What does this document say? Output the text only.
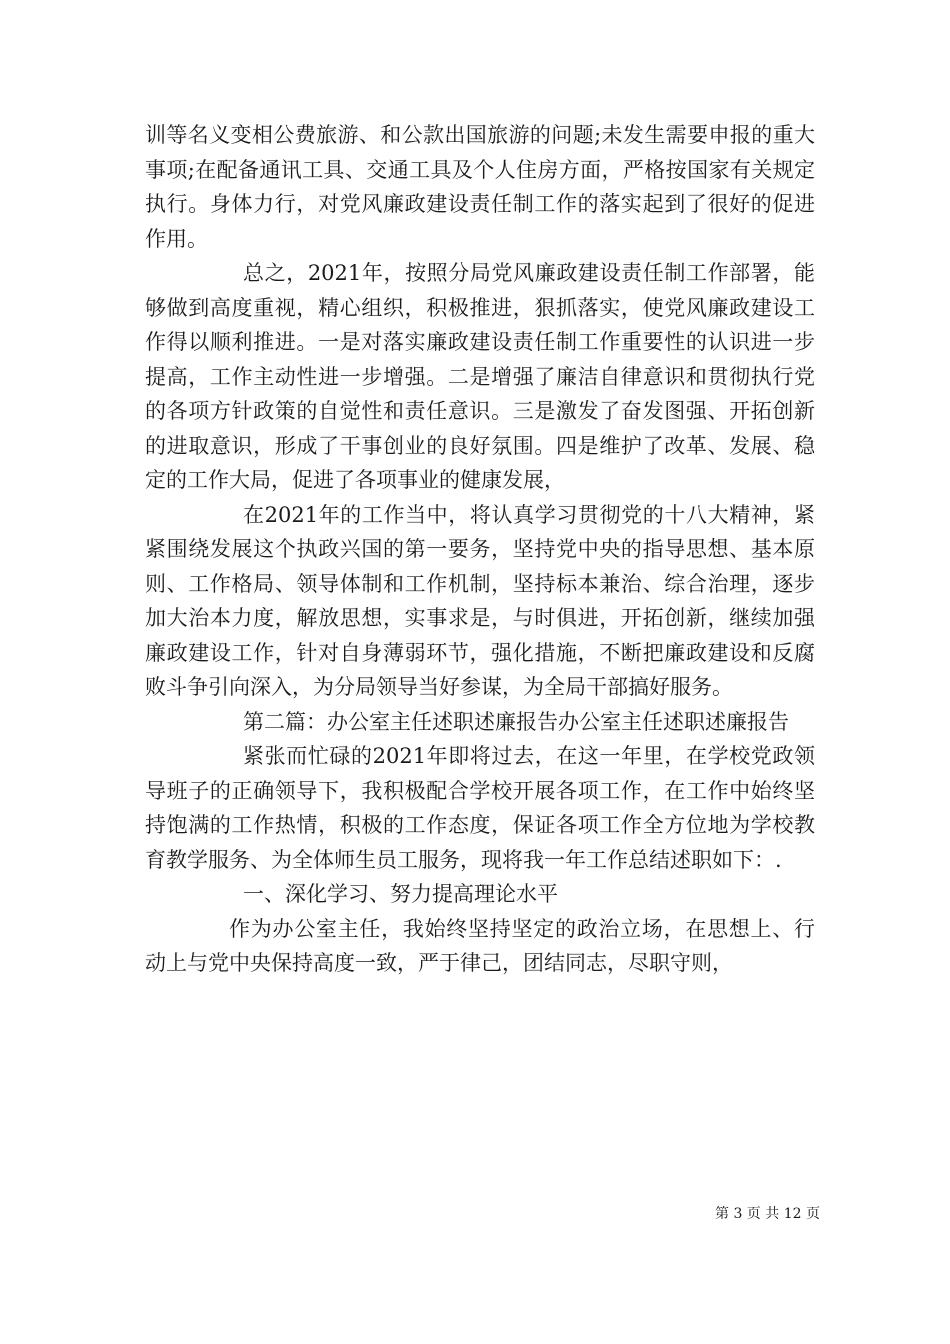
训等名义变相公费旅游、和公款出国旅游的问题;未发生需要申报的重大事项;在配备通讯工具、交通工具及个人住房方面，严格按国家有关规定执行。身体力行，对党风廉政建设责任制工作的落实起到了很好的促进作用。

总之，2021年，按照分局党风廉政建设责任制工作部署，能够做到高度重视，精心组织，积极推进，狠抓落实，使党风廉政建设工作得以顺利推进。一是对落实廉政建设责任制工作重要性的认识进一步提高，工作主动性进一步增强。二是增强了廉洁自律意识和贯彻执行党的各项方针政策的自觉性和责任意识。三是激发了奋发图强、开拓创新的进取意识，形成了干事创业的良好氛围。四是维护了改革、发展、稳定的工作大局，促进了各项事业的健康发展，

在2021年的工作当中，将认真学习贯彻党的十八大精神，紧紧围绕发展这个执政兴国的第一要务，坚持党中央的指导思想、基本原则、工作格局、领导体制和工作机制，坚持标本兼治、综合治理，逐步加大治本力度，解放思想，实事求是，与时俱进，开拓创新，继续加强廉政建设工作，针对自身薄弱环节，强化措施，不断把廉政建设和反腐败斗争引向深入，为分局领导当好参谋，为全局干部搞好服务。

第二篇：办公室主任述职述廉报告办公室主任述职述廉报告

紧张而忙碌的2021年即将过去，在这一年里，在学校党政领导班子的正确领导下，我积极配合学校开展各项工作，在工作中始终坚持饱满的工作热情，积极的工作态度，保证各项工作全方位地为学校教育教学服务、为全体师生员工服务，现将我一年工作总结述职如下：.

一、深化学习、努力提高理论水平

作为办公室主任，我始终坚持坚定的政治立场，在思想上、行动上与党中央保持高度一致，严于律己，团结同志，尽职守则，

第 3 页 共 12 页
